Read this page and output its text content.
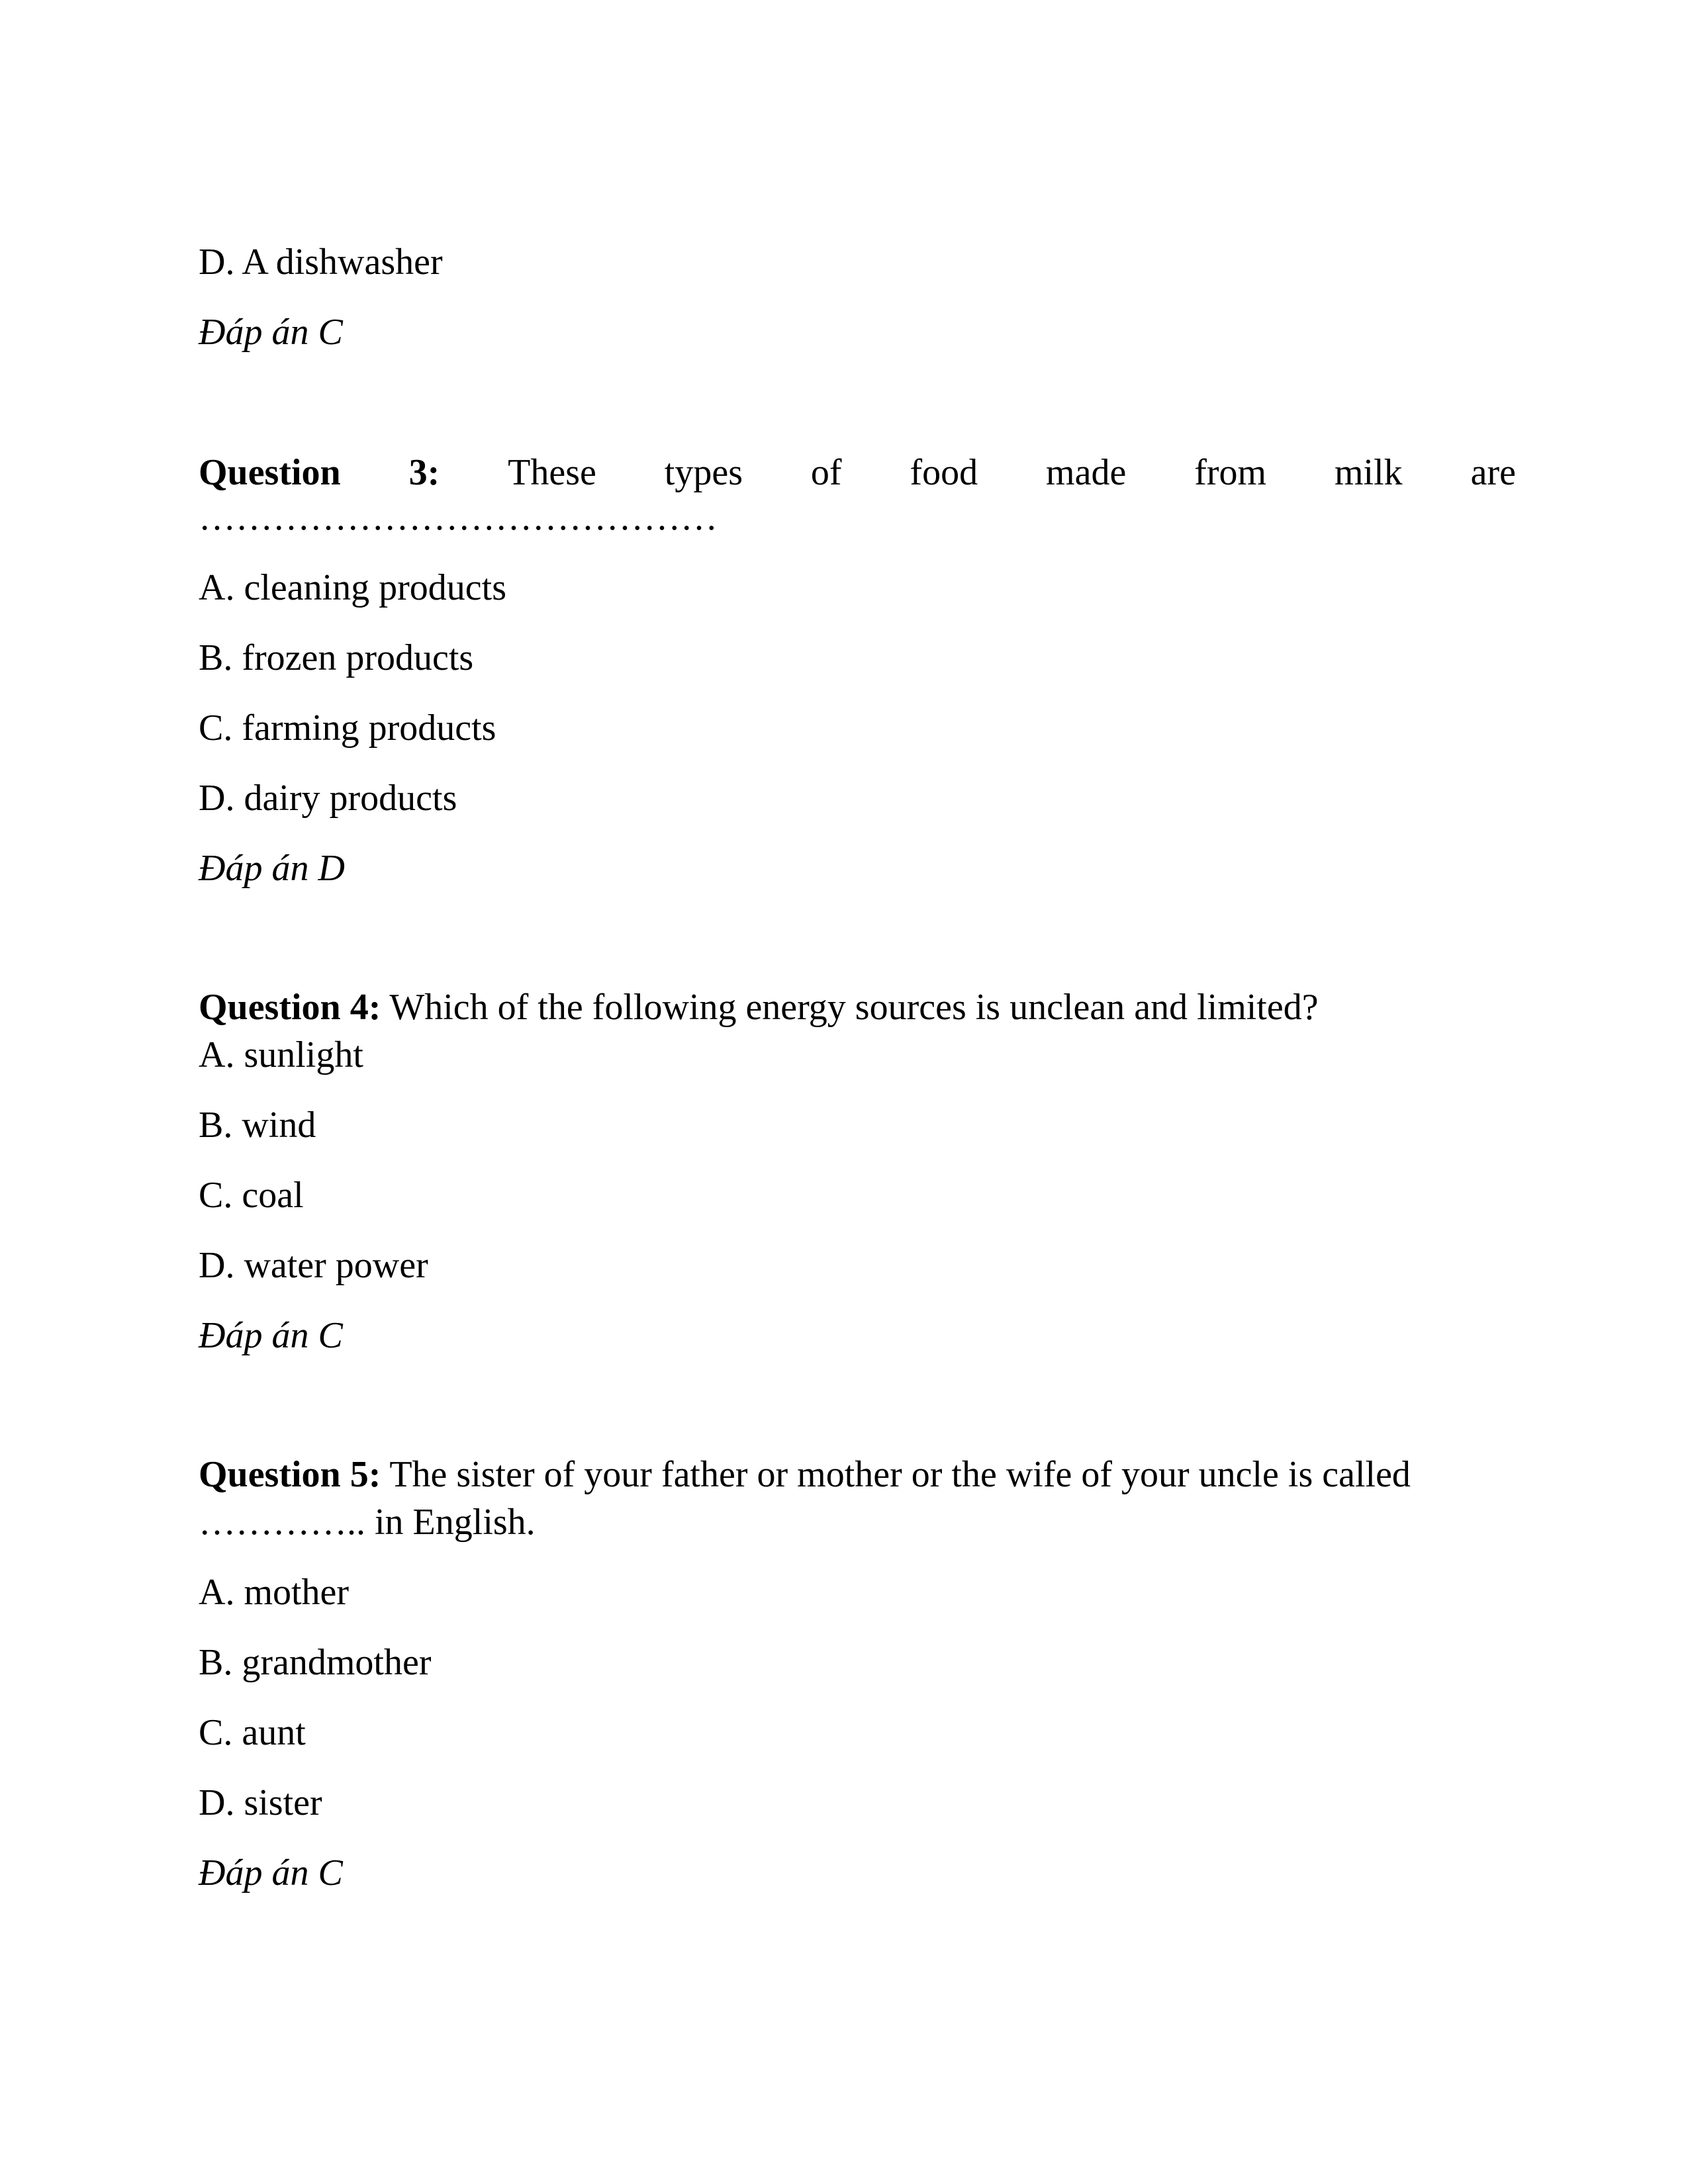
D. A dishwasher

Đáp án C

Question 3: These types of food made from milk are
……………………………………

A. cleaning products

B. frozen products

C. farming products

D. dairy products

Đáp án D

Question 4: Which of the following energy sources is unclean and limited?

A. sunlight

B. wind

C. coal

D. water power

Đáp án C

Question 5: The sister of your father or mother or the wife of your uncle is called

………….. in English.

A. mother

B. grandmother

C. aunt

D. sister

Đáp án C
